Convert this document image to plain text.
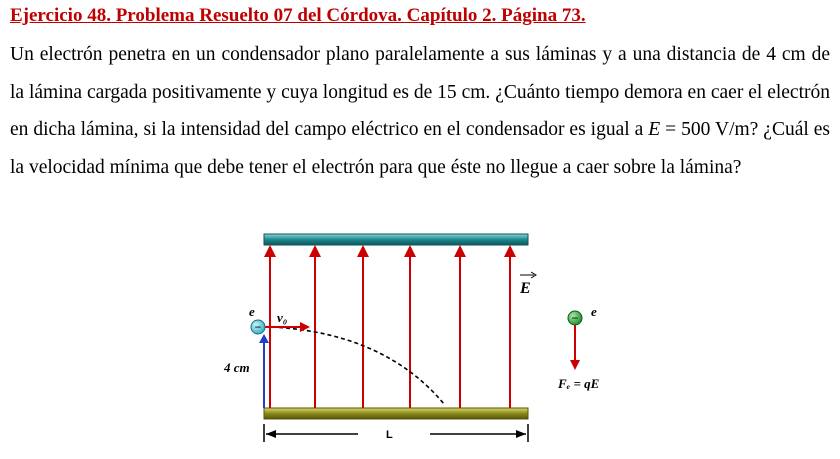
Ejercicio 48. Problema Resuelto 07 del Córdova. Capítulo 2. Página 73.

Un electrón penetra en un condensador plano paralelamente a sus láminas y a una distancia de 4 cm de la lámina cargada positivamente y cuya longitud es de 15 cm. ¿Cuánto tiempo demora en caer el electrón en dicha lámina, si la intensidad del campo eléctrico en el condensador es igual a E = 500 V/m? ¿Cuál es la velocidad mínima que debe tener el electrón para que éste no llegue a caer sobre la lámina?

E
v₀
e
−
4 cm
L
− e
Fₑ = qE
